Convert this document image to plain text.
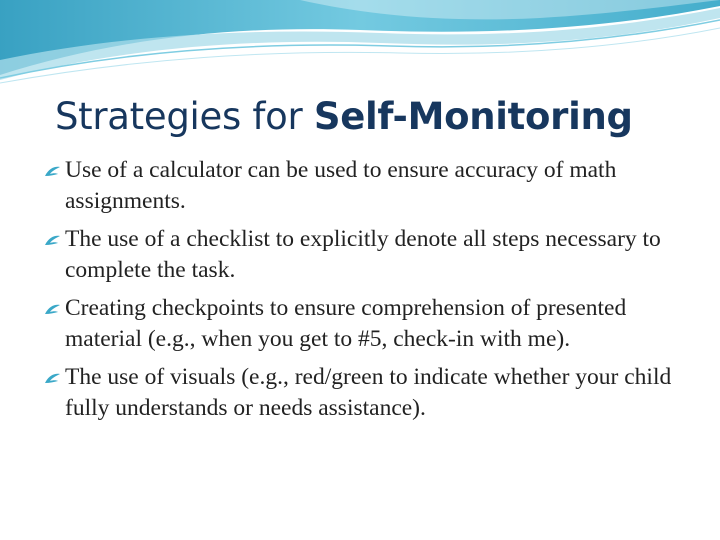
Strategies for Self-Monitoring
Use of a calculator can be used to ensure accuracy of math assignments.
The use of a checklist to explicitly denote all steps necessary to complete the task.
Creating checkpoints to ensure comprehension of presented material (e.g., when you get to #5, check-in with me).
The use of visuals (e.g., red/green to indicate whether your child fully understands or needs assistance).
